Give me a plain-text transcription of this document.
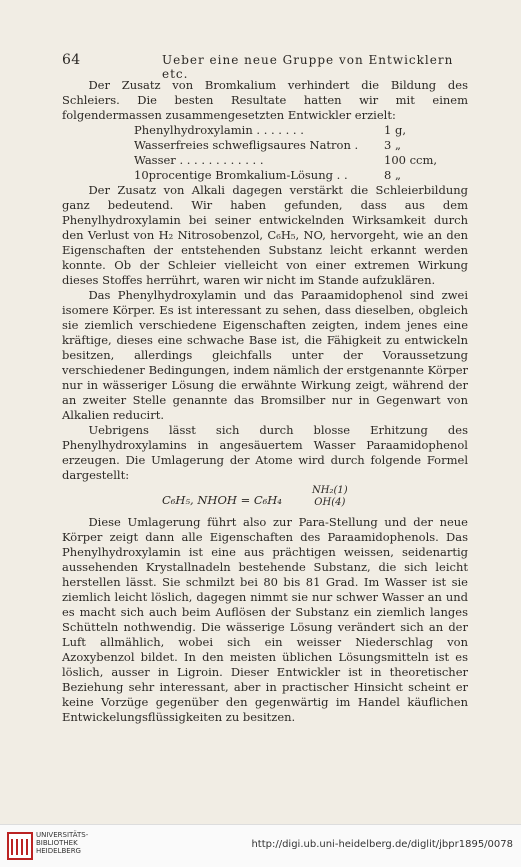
64	Ueber eine neue Gruppe von Entwicklern etc.

Der Zusatz von Bromkalium verhindert die Bildung des Schleiers. Die besten Resultate hatten wir mit einem folgendermassen zusammengesetzten Entwickler erzielt:

Phenylhydroxylamin . . . . . . .	1 g,
Wasserfreies schwefligsaures Natron .	3 „
Wasser . . . . . . . . . . . .	100 ccm,
10procentige Bromkalium-Lösung . .	8 „

Der Zusatz von Alkali dagegen verstärkt die Schleierbildung ganz bedeutend. Wir haben gefunden, dass aus dem Phenylhydroxylamin bei seiner entwickelnden Wirksamkeit durch den Verlust von H₂ Nitrosobenzol, C₆H₅, NO, hervorgeht, wie an den Eigenschaften der entstehenden Substanz leicht erkannt werden konnte. Ob der Schleier vielleicht von einer extremen Wirkung dieses Stoffes herrührt, waren wir nicht im Stande aufzuklären.

Das Phenylhydroxylamin und das Paraamidophenol sind zwei isomere Körper. Es ist interessant zu sehen, dass dieselben, obgleich sie ziemlich verschiedene Eigenschaften zeigten, indem jenes eine kräftige, dieses eine schwache Base ist, die Fähigkeit zu entwickeln besitzen, allerdings gleichfalls unter der Voraussetzung verschiedener Bedingungen, indem nämlich der erstgenannte Körper nur in wässeriger Lösung die erwähnte Wirkung zeigt, während der an zweiter Stelle genannte das Bromsilber nur in Gegenwart von Alkalien reducirt.

Uebrigens lässt sich durch blosse Erhitzung des Phenylhydroxylamins in angesäuertem Wasser Paraamidophenol erzeugen. Die Umlagerung der Atome wird durch folgende Formel dargestellt:

C₆H₅, NHOH = C₆H₄
NH₂(1)
OH(4)

Diese Umlagerung führt also zur Para-Stellung und der neue Körper zeigt dann alle Eigenschaften des Paraamidophenols. Das Phenylhydroxylamin ist eine aus prächtigen weissen, seidenartig aussehenden Krystallnadeln bestehende Substanz, die sich leicht herstellen lässt. Sie schmilzt bei 80 bis 81 Grad. Im Wasser ist sie ziemlich leicht löslich, dagegen nimmt sie nur schwer Wasser an und es macht sich auch beim Auflösen der Substanz ein ziemlich langes Schütteln nothwendig. Die wässerige Lösung verändert sich an der Luft allmählich, wobei sich ein weisser Niederschlag von Azoxybenzol bildet. In den meisten üblichen Lösungsmitteln ist es löslich, ausser in Ligroin. Dieser Entwickler ist in theoretischer Beziehung sehr interessant, aber in practischer Hinsicht scheint er keine Vorzüge gegenüber den gegenwärtig im Handel käuflichen Entwickelungsflüssigkeiten zu besitzen.

UNIVERSITÄTS-
BIBLIOTHEK
HEIDELBERG
http://digi.ub.uni-heidelberg.de/diglit/jbpr1895/0078
